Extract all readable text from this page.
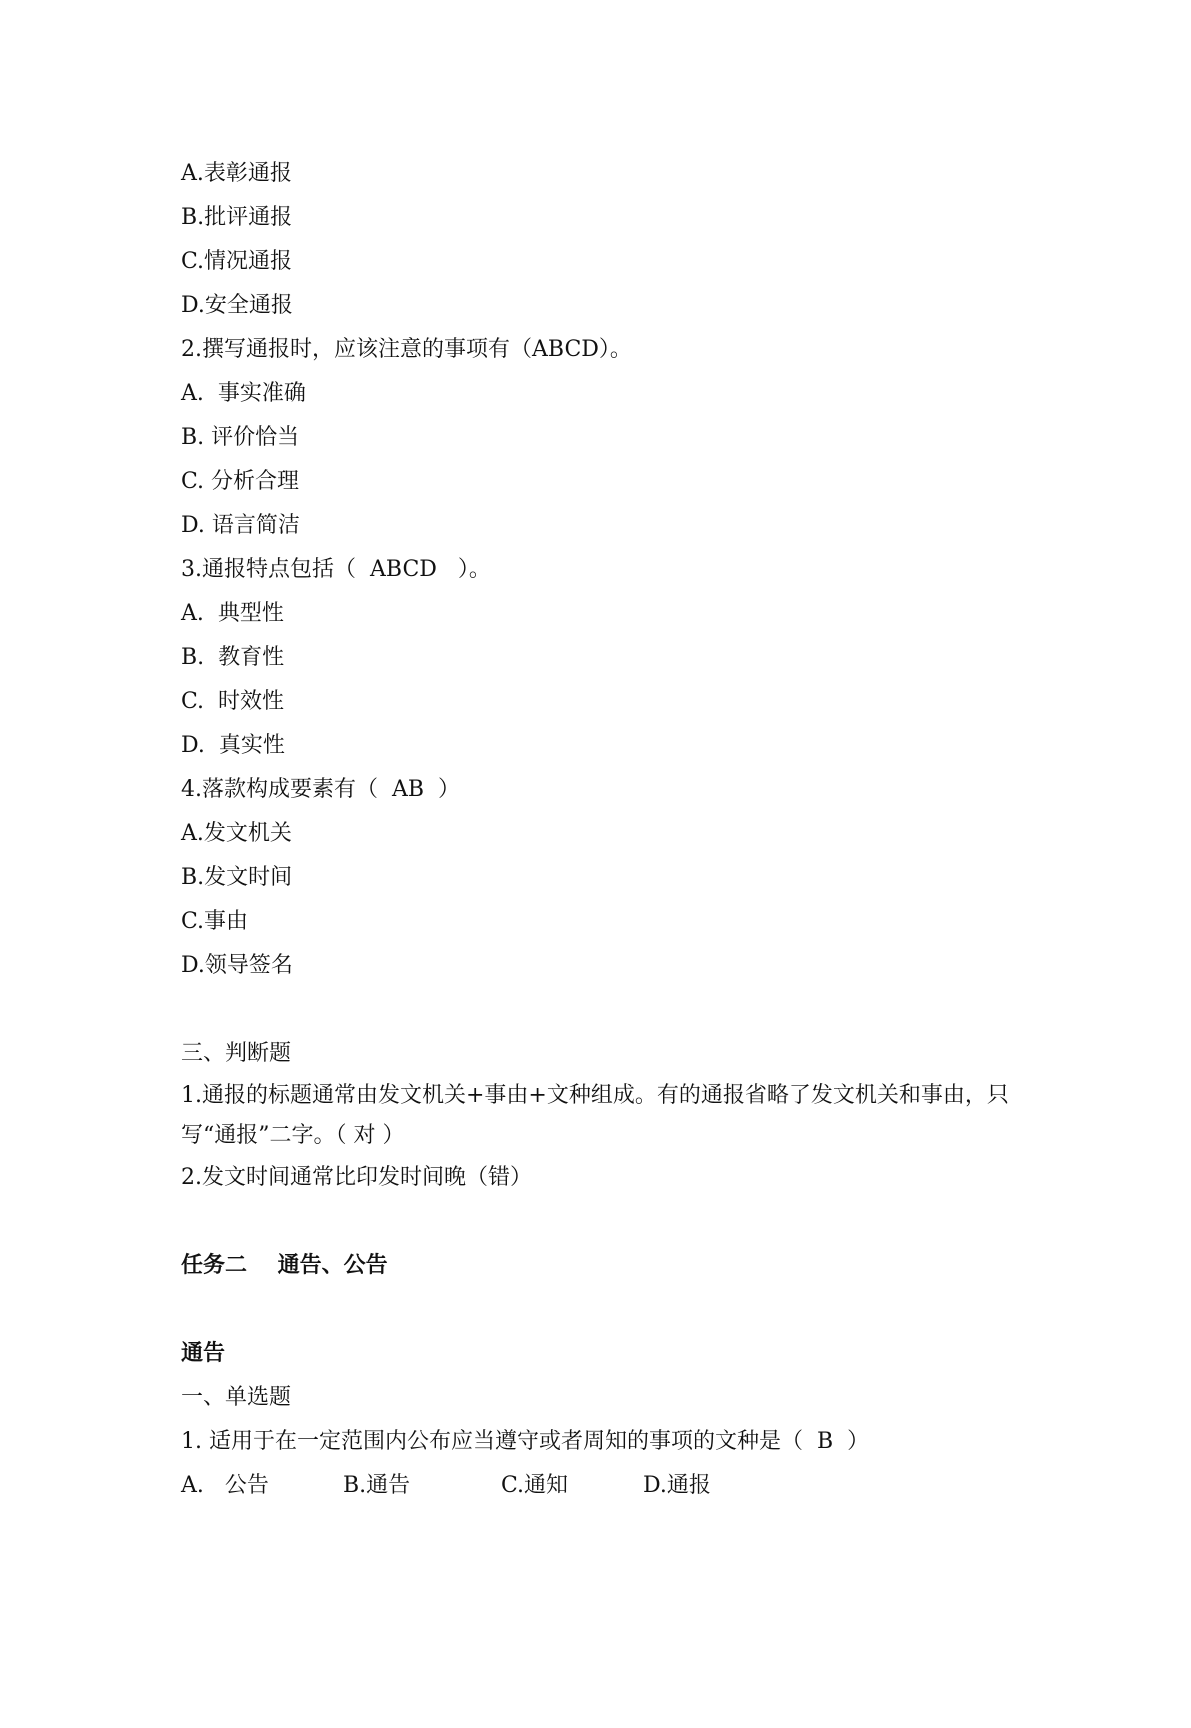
A.表彰通报
B.批评通报
C.情况通报
D.安全通报
2.撰写通报时，应该注意的事项有（ABCD）。
A.  事实准确
B. 评价恰当
C. 分析合理
D. 语言简洁
3.通报特点包括（  ABCD   ）。
A.  典型性
B.  教育性
C.  时效性
D.  真实性
4.落款构成要素有（  AB  ）
A.发文机关
B.发文时间
C.事由
D.领导签名
三、判断题
1.通报的标题通常由发文机关+事由+文种组成。有的通报省略了发文机关和事由，只写“通报”二字。（ 对 ）
2.发文时间通常比印发时间晚（错）
任务二    通告、公告
通告
一、单选题
1. 适用于在一定范围内公布应当遵守或者周知的事项的文种是（  B  ）

A.   公告

	B.通告

	C.通知

	D.通报
